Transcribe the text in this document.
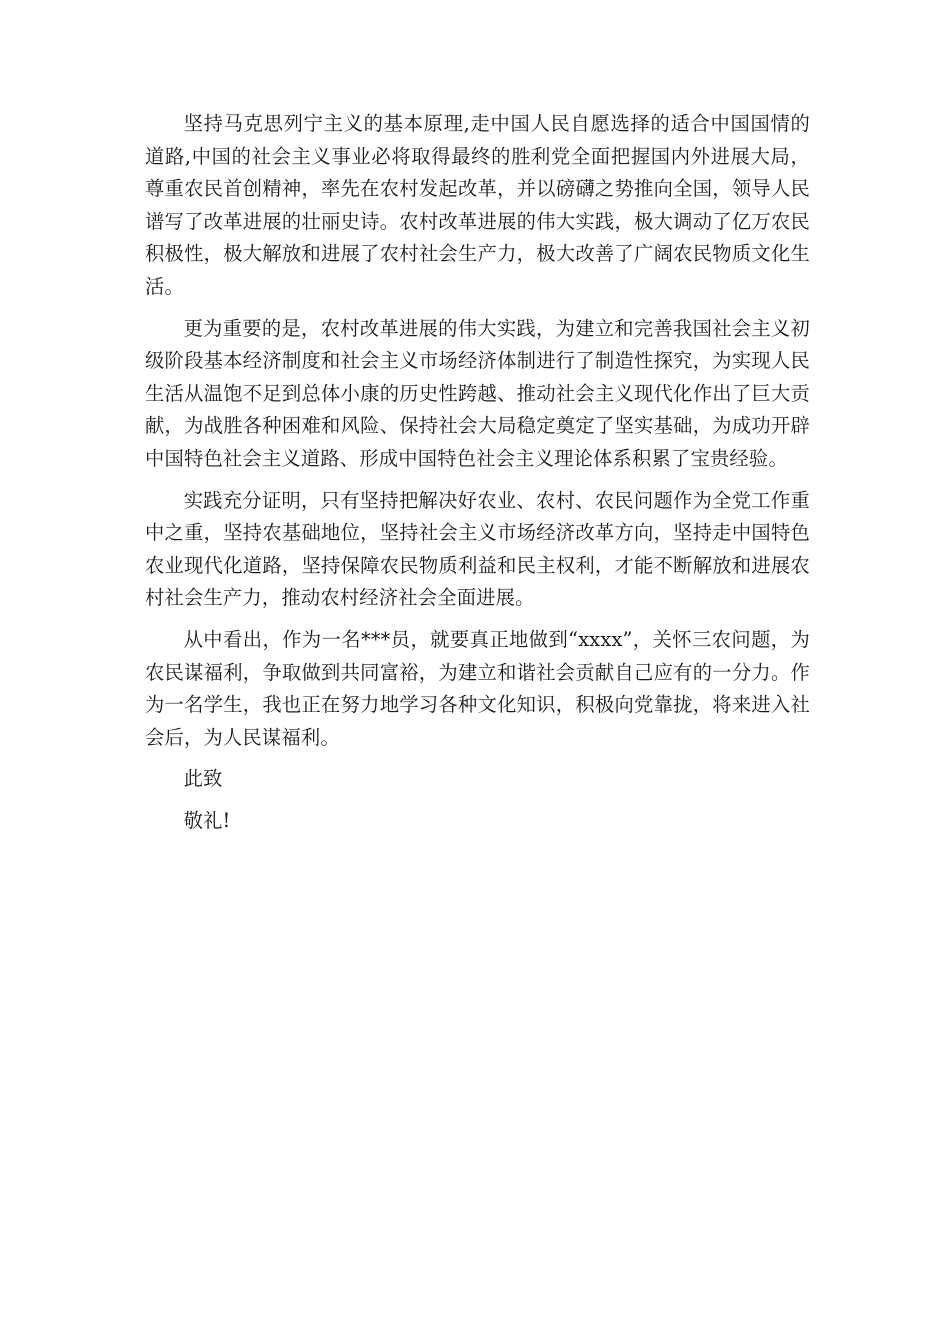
坚持马克思列宁主义的基本原理,走中国人民自愿选择的适合中国国情的道路,中国的社会主义事业必将取得最终的胜利党全面把握国内外进展大局，尊重农民首创精神，率先在农村发起改革，并以磅礴之势推向全国，领导人民谱写了改革进展的壮丽史诗。农村改革进展的伟大实践，极大调动了亿万农民积极性，极大解放和进展了农村社会生产力，极大改善了广阔农民物质文化生活。

更为重要的是，农村改革进展的伟大实践，为建立和完善我国社会主义初级阶段基本经济制度和社会主义市场经济体制进行了制造性探究，为实现人民生活从温饱不足到总体小康的历史性跨越、推动社会主义现代化作出了巨大贡献，为战胜各种困难和风险、保持社会大局稳定奠定了坚实基础，为成功开辟中国特色社会主义道路、形成中国特色社会主义理论体系积累了宝贵经验。

实践充分证明，只有坚持把解决好农业、农村、农民问题作为全党工作重中之重，坚持农基础地位，坚持社会主义市场经济改革方向，坚持走中国特色农业现代化道路，坚持保障农民物质利益和民主权利，才能不断解放和进展农村社会生产力，推动农村经济社会全面进展。

从中看出，作为一名***员，就要真正地做到“xxxx”，关怀三农问题，为农民谋福利，争取做到共同富裕，为建立和谐社会贡献自己应有的一分力。作为一名学生，我也正在努力地学习各种文化知识，积极向党靠拢，将来进入社会后，为人民谋福利。

此致

敬礼!
